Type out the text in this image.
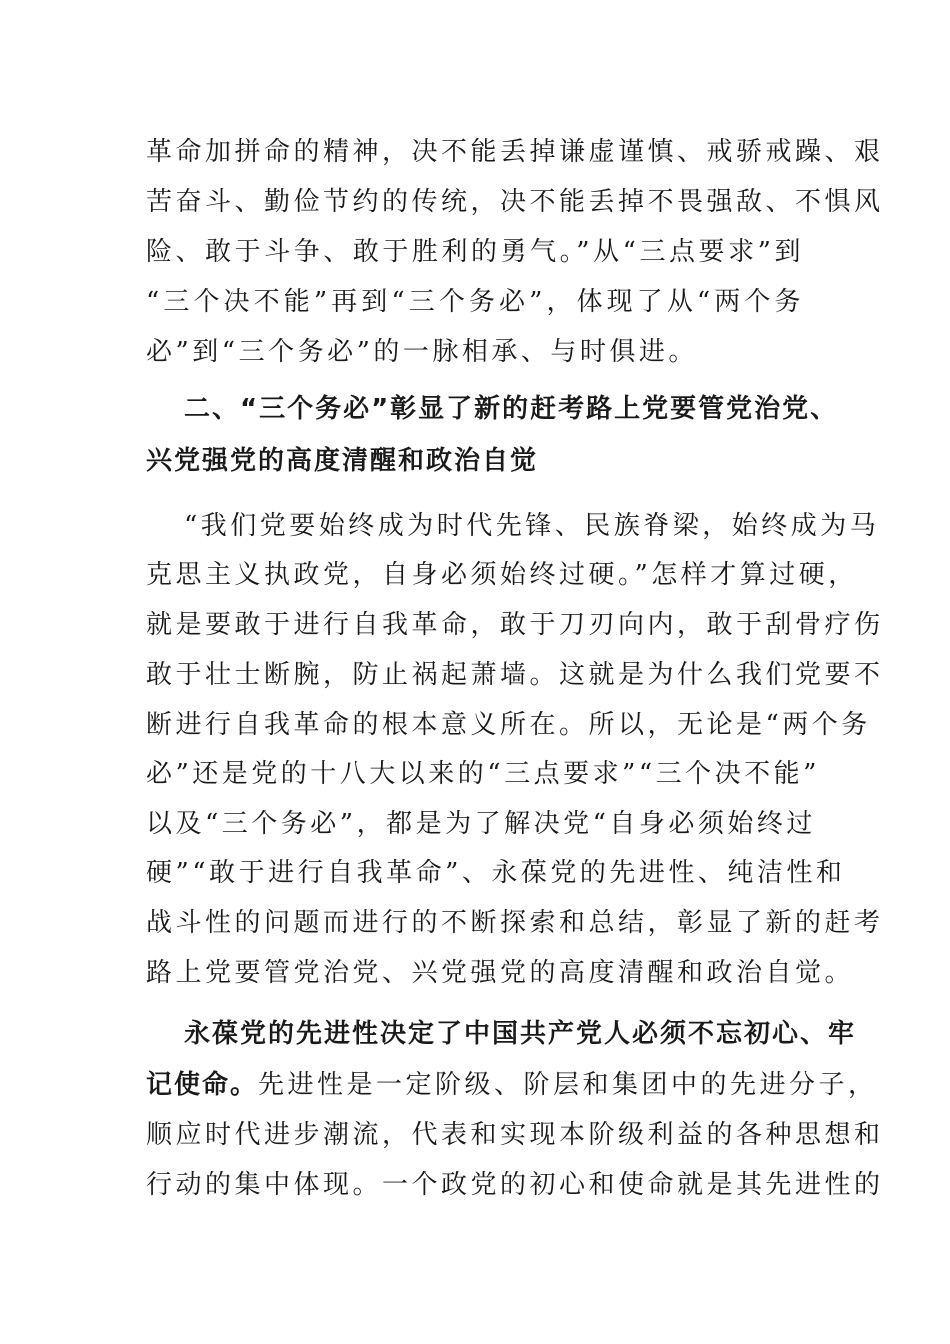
革命加拼命的精神，决不能丢掉谦虚谨慎、戒骄戒躁、艰
苦奋斗、勤俭节约的传统，决不能丢掉不畏强敌、不惧风
险、敢于斗争、敢于胜利的勇气。”从“三点要求”到
“三个决不能”再到“三个务必”，体现了从“两个务
必”到“三个务必”的一脉相承、与时俱进。
二、“三个务必”彰显了新的赶考路上党要管党治党、
兴党强党的高度清醒和政治自觉
“我们党要始终成为时代先锋、民族脊梁，始终成为马
克思主义执政党，自身必须始终过硬。”怎样才算过硬，
就是要敢于进行自我革命，敢于刀刃向内，敢于刮骨疗伤
敢于壮士断腕，防止祸起萧墙。这就是为什么我们党要不
断进行自我革命的根本意义所在。所以，无论是“两个务
必”还是党的十八大以来的“三点要求”“三个决不能”
以及“三个务必”，都是为了解决党“自身必须始终过
硬”“敢于进行自我革命”、永葆党的先进性、纯洁性和
战斗性的问题而进行的不断探索和总结，彰显了新的赶考
路上党要管党治党、兴党强党的高度清醒和政治自觉。
永葆党的先进性决定了中国共产党人必须不忘初心、牢
记使命。先进性是一定阶级、阶层和集团中的先进分子，
顺应时代进步潮流，代表和实现本阶级利益的各种思想和
行动的集中体现。一个政党的初心和使命就是其先进性的
